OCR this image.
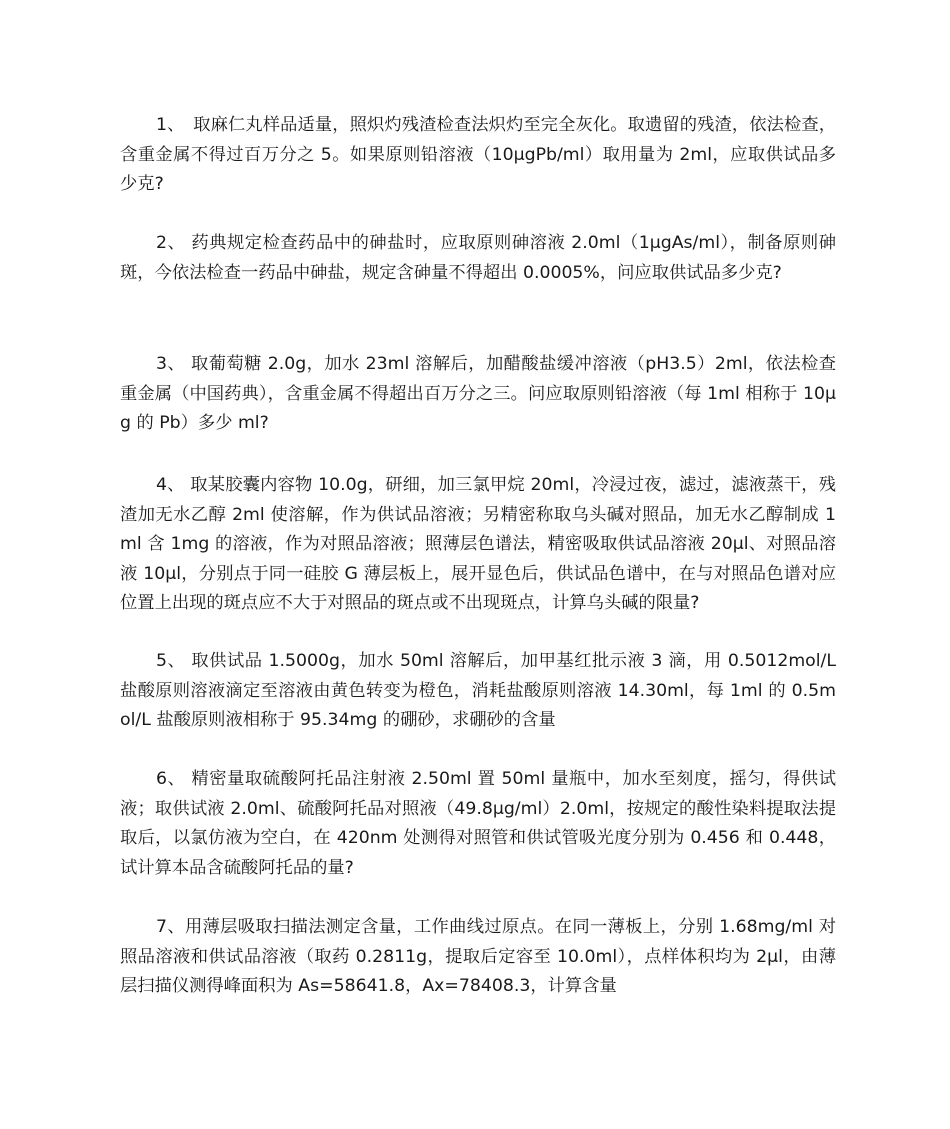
1、　取麻仁丸样品适量，照炽灼残渣检查法炽灼至完全灰化。取遗留的残渣，依法检查，含重金属不得过百万分之 5。如果原则铅溶液（10μgPb/ml）取用量为 2ml，应取供试品多少克?

2、 药典规定检查药品中的砷盐时，应取原则砷溶液 2.0ml（1μgAs/ml），制备原则砷斑，今依法检查一药品中砷盐，规定含砷量不得超出 0.0005%，问应取供试品多少克?

3、 取葡萄糖 2.0g，加水 23ml 溶解后，加醋酸盐缓冲溶液（pH3.5）2ml，依法检查重金属（中国药典），含重金属不得超出百万分之三。问应取原则铅溶液（每 1ml 相称于 10μg 的 Pb）多少 ml?

4、 取某胶囊内容物 10.0g，研细，加三氯甲烷 20ml，冷浸过夜，滤过，滤液蒸干，残渣加无水乙醇 2ml 使溶解，作为供试品溶液；另精密称取乌头碱对照品，加无水乙醇制成 1ml 含 1mg 的溶液，作为对照品溶液；照薄层色谱法，精密吸取供试品溶液 20μl、对照品溶液 10μl，分别点于同一硅胶 G 薄层板上，展开显色后，供试品色谱中，在与对照品色谱对应位置上出现的斑点应不大于对照品的斑点或不出现斑点，计算乌头碱的限量?

5、 取供试品 1.5000g，加水 50ml 溶解后，加甲基红批示液 3 滴，用 0.5012mol/L 盐酸原则溶液滴定至溶液由黄色转变为橙色，消耗盐酸原则溶液 14.30ml，每 1ml 的 0.5mol/L 盐酸原则液相称于 95.34mg 的硼砂，求硼砂的含量

6、 精密量取硫酸阿托品注射液 2.50ml 置 50ml 量瓶中，加水至刻度，摇匀，得供试液；取供试液 2.0ml、硫酸阿托品对照液（49.8μg/ml）2.0ml，按规定的酸性染料提取法提取后，以氯仿液为空白，在 420nm 处测得对照管和供试管吸光度分别为 0.456 和 0.448，试计算本品含硫酸阿托品的量?

7、用薄层吸取扫描法测定含量，工作曲线过原点。在同一薄板上，分别 1.68mg/ml 对照品溶液和供试品溶液（取药 0.2811g，提取后定容至 10.0ml），点样体积均为 2μl，由薄层扫描仪测得峰面积为 As=58641.8，Ax=78408.3，计算含量
